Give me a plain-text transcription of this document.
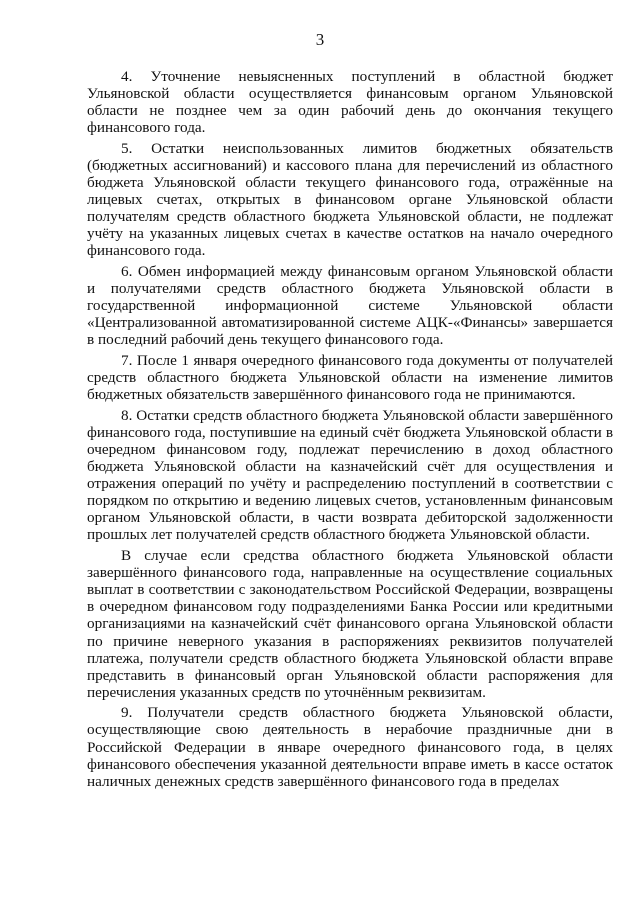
3

4. Уточнение невыясненных поступлений в областной бюджет Ульяновской области осуществляется финансовым органом Ульяновской области не позднее чем за один рабочий день до окончания текущего финансового года.

5. Остатки неиспользованных лимитов бюджетных обязательств (бюджетных ассигнований) и кассового плана для перечислений из областного бюджета Ульяновской области текущего финансового года, отражённые на лицевых счетах, открытых в финансовом органе Ульяновской области получателям средств областного бюджета Ульяновской области, не подлежат учёту на указанных лицевых счетах в качестве остатков на начало очередного финансового года.

6. Обмен информацией между финансовым органом Ульяновской области и получателями средств областного бюджета Ульяновской области в государственной информационной системе Ульяновской области «Централизованной автоматизированной системе АЦК-«Финансы» завершается в последний рабочий день текущего финансового года.

7. После 1 января очередного финансового года документы от получателей средств областного бюджета Ульяновской области на изменение лимитов бюджетных обязательств завершённого финансового года не принимаются.

8. Остатки средств областного бюджета Ульяновской области завершённого финансового года, поступившие на единый счёт бюджета Ульяновской области в очередном финансовом году, подлежат перечислению в доход областного бюджета Ульяновской области на казначейский счёт для осуществления и отражения операций по учёту и распределению поступлений в соответствии с порядком по открытию и ведению лицевых счетов, установленным финансовым органом Ульяновской области, в части возврата дебиторской задолженности прошлых лет получателей средств областного бюджета Ульяновской области.

В случае если средства областного бюджета Ульяновской области завершённого финансового года, направленные на осуществление социальных выплат в соответствии с законодательством Российской Федерации, возвращены в очередном финансовом году подразделениями Банка России или кредитными организациями на казначейский счёт финансового органа Ульяновской области по причине неверного указания в распоряжениях реквизитов получателей платежа, получатели средств областного бюджета Ульяновской области вправе представить в финансовый орган Ульяновской области распоряжения для перечисления указанных средств по уточнённым реквизитам.

9. Получатели средств областного бюджета Ульяновской области, осуществляющие свою деятельность в нерабочие праздничные дни в Российской Федерации в январе очередного финансового года, в целях финансового обеспечения указанной деятельности вправе иметь в кассе остаток наличных денежных средств завершённого финансового года в пределах
